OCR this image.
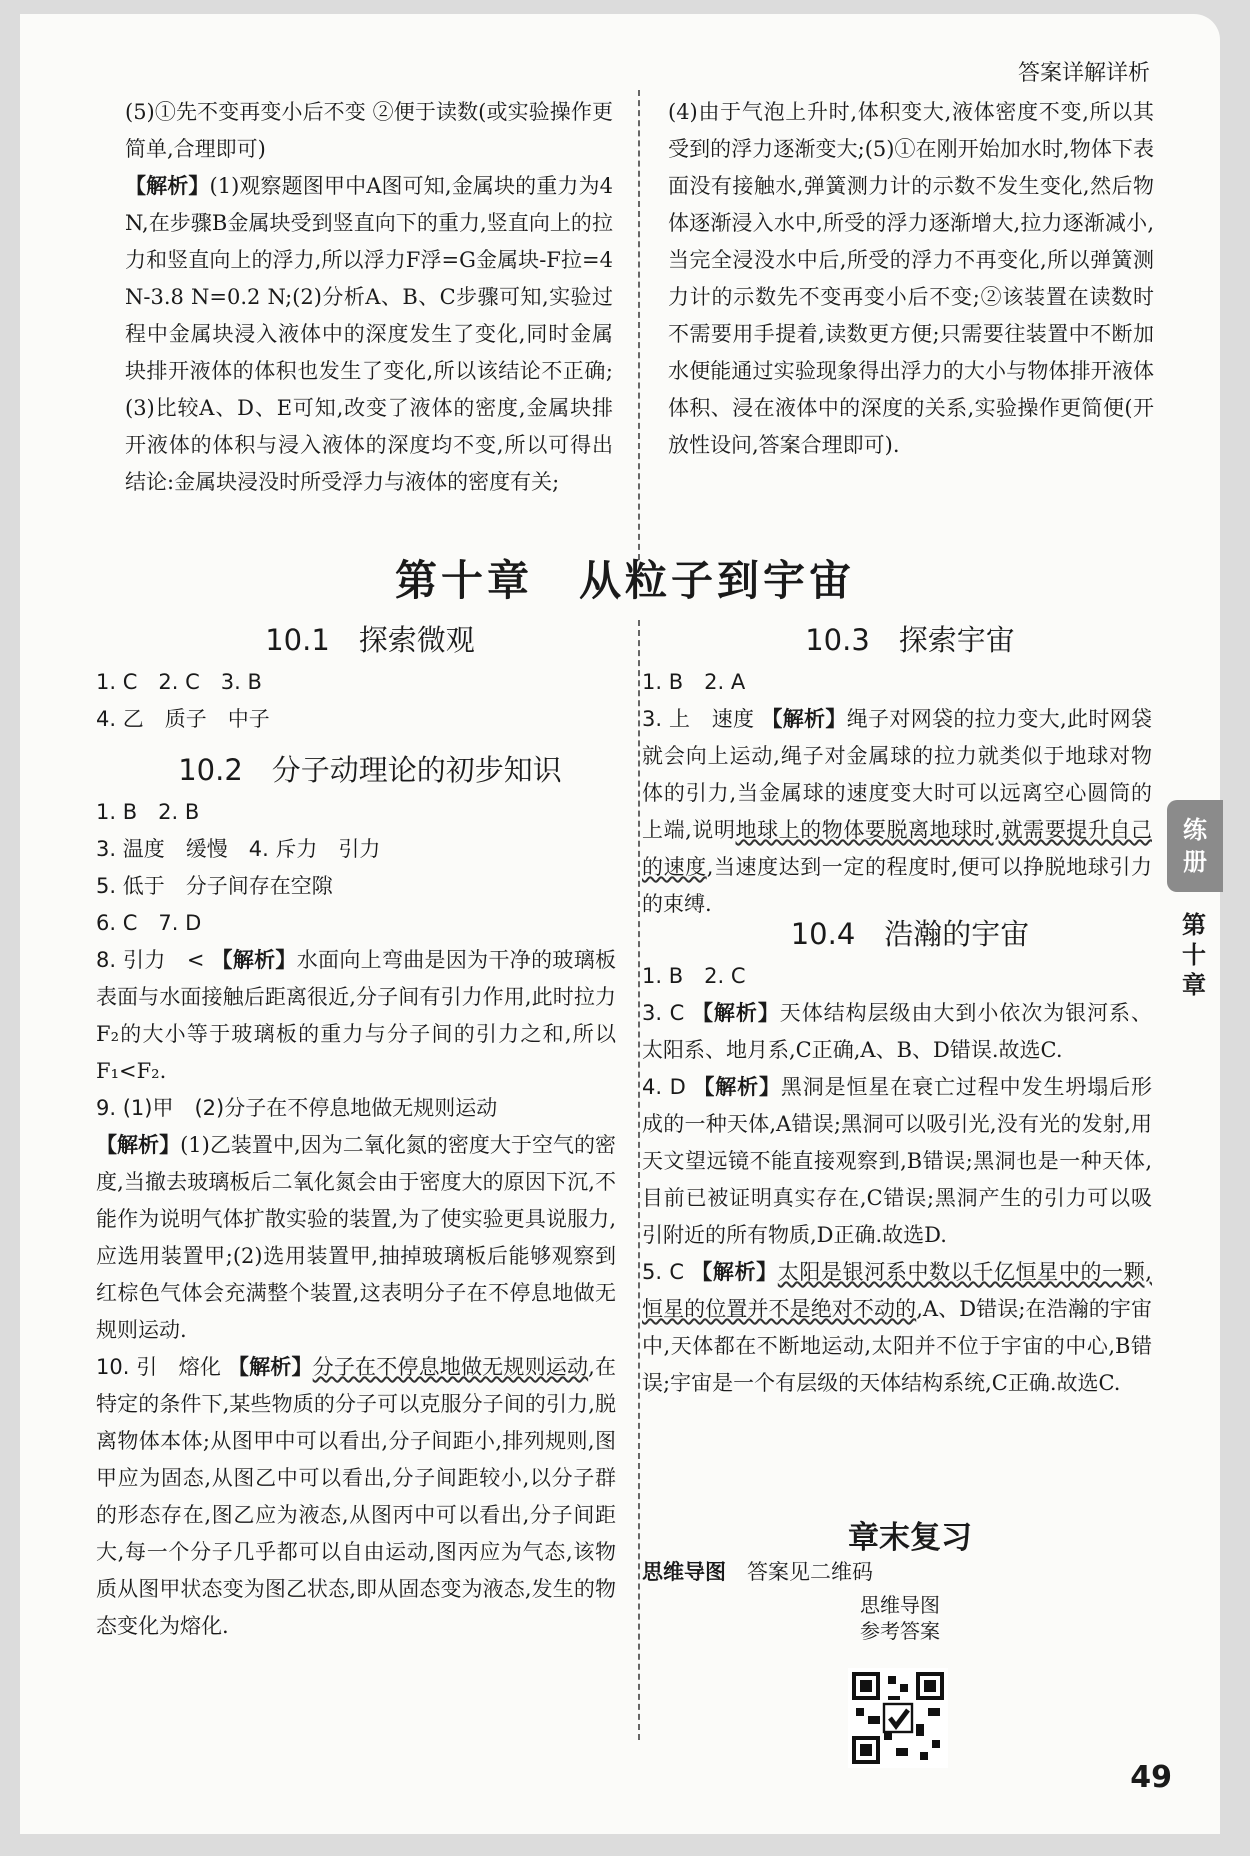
答案详解详析

(5)①先不变再变小后不变 ②便于读数(或实验操作更简单,合理即可)

【解析】(1)观察题图甲中A图可知,金属块的重力为4 N,在步骤B金属块受到竖直向下的重力,竖直向上的拉力和竖直向上的浮力,所以浮力F浮=G金属块-F拉=4 N-3.8 N=0.2 N;(2)分析A、B、C步骤可知,实验过程中金属块浸入液体中的深度发生了变化,同时金属块排开液体的体积也发生了变化,所以该结论不正确;(3)比较A、D、E可知,改变了液体的密度,金属块排开液体的体积与浸入液体的深度均不变,所以可得出结论:金属块浸没时所受浮力与液体的密度有关;

(4)由于气泡上升时,体积变大,液体密度不变,所以其受到的浮力逐渐变大;(5)①在刚开始加水时,物体下表面没有接触水,弹簧测力计的示数不发生变化,然后物体逐渐浸入水中,所受的浮力逐渐增大,拉力逐渐减小,当完全浸没水中后,所受的浮力不再变化,所以弹簧测力计的示数先不变再变小后不变;②该装置在读数时不需要用手提着,读数更方便;只需要往装置中不断加水便能通过实验现象得出浮力的大小与物体排开液体体积、浸在液体中的深度的关系,实验操作更简便(开放性设问,答案合理即可).

第十章　从粒子到宇宙
10.1　探索微观
1. C　2. C　3. B
4. 乙　质子　中子
10.2　分子动理论的初步知识
1. B　2. B
3. 温度　缓慢　4. 斥力　引力
5. 低于　分子间存在空隙
6. C　7. D

8. 引力　< 【解析】水面向上弯曲是因为干净的玻璃板表面与水面接触后距离很近,分子间有引力作用,此时拉力F₂的大小等于玻璃板的重力与分子间的引力之和,所以F₁<F₂.

9. (1)甲　(2)分子在不停息地做无规则运动

【解析】(1)乙装置中,因为二氧化氮的密度大于空气的密度,当撤去玻璃板后二氧化氮会由于密度大的原因下沉,不能作为说明气体扩散实验的装置,为了使实验更具说服力,应选用装置甲;(2)选用装置甲,抽掉玻璃板后能够观察到红棕色气体会充满整个装置,这表明分子在不停息地做无规则运动.

10. 引　熔化 【解析】分子在不停息地做无规则运动,在特定的条件下,某些物质的分子可以克服分子间的引力,脱离物体本体;从图甲中可以看出,分子间距小,排列规则,图甲应为固态,从图乙中可以看出,分子间距较小,以分子群的形态存在,图乙应为液态,从图丙中可以看出,分子间距大,每一个分子几乎都可以自由运动,图丙应为气态,该物质从图甲状态变为图乙状态,即从固态变为液态,发生的物态变化为熔化.

10.3　探索宇宙
1. B　2. A

3. 上　速度 【解析】绳子对网袋的拉力变大,此时网袋就会向上运动,绳子对金属球的拉力就类似于地球对物体的引力,当金属球的速度变大时可以远离空心圆筒的上端,说明地球上的物体要脱离地球时,就需要提升自己的速度,当速度达到一定的程度时,便可以挣脱地球引力的束缚.

10.4　浩瀚的宇宙
1. B　2. C

3. C 【解析】天体结构层级由大到小依次为银河系、太阳系、地月系,C正确,A、B、D错误.故选C.

4. D 【解析】黑洞是恒星在衰亡过程中发生坍塌后形成的一种天体,A错误;黑洞可以吸引光,没有光的发射,用天文望远镜不能直接观察到,B错误;黑洞也是一种天体,目前已被证明真实存在,C错误;黑洞产生的引力可以吸引附近的所有物质,D正确.故选D.

5. C 【解析】太阳是银河系中数以千亿恒星中的一颗,恒星的位置并不是绝对不动的,A、D错误;在浩瀚的宇宙中,天体都在不断地运动,太阳并不位于宇宙的中心,B错误;宇宙是一个有层级的天体结构系统,C正确.故选C.

章末复习
思维导图　 答案见二维码
思维导图
参考答案
练
册
第十章
49
